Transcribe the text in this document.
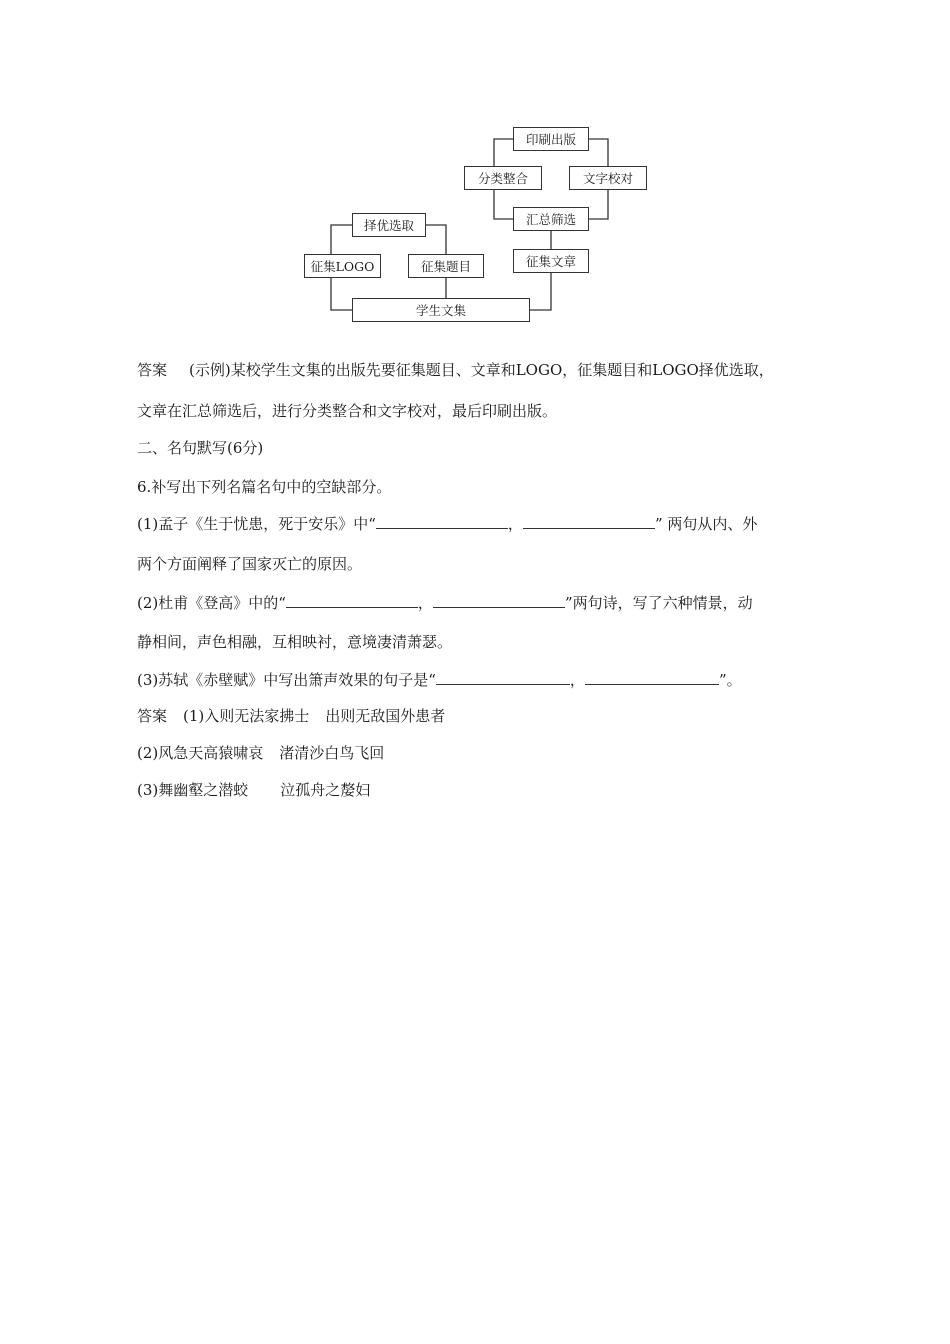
印刷出版
分类整合	文字校对
汇总筛选
择优选取
征集LOGO	征集题目	征集文章
学生文集
答案 (示例)某校学生文集的出版先要征集题目、文章和LOGO，征集题目和LOGO择优选取，
文章在汇总筛选后，进行分类整合和文字校对，最后印刷出版。
二、名句默写(6分)
6.补写出下列名篇名句中的空缺部分。
(1)孟子《生于忧患，死于安乐》中“	，	” 两句从内、外
两个方面阐释了国家灭亡的原因。
(2)杜甫《登高》中的“	，	”两句诗，写了六种情景，动
静相间，声色相融，互相映衬，意境凄清萧瑟。
(3)苏轼《赤壁赋》中写出箫声效果的句子是“	，	”。
答案 (1)入则无法家拂士 出则无敌国外患者
(2)风急天高猿啸哀 渚清沙白鸟飞回
(3)舞幽壑之潜蛟 泣孤舟之嫠妇
